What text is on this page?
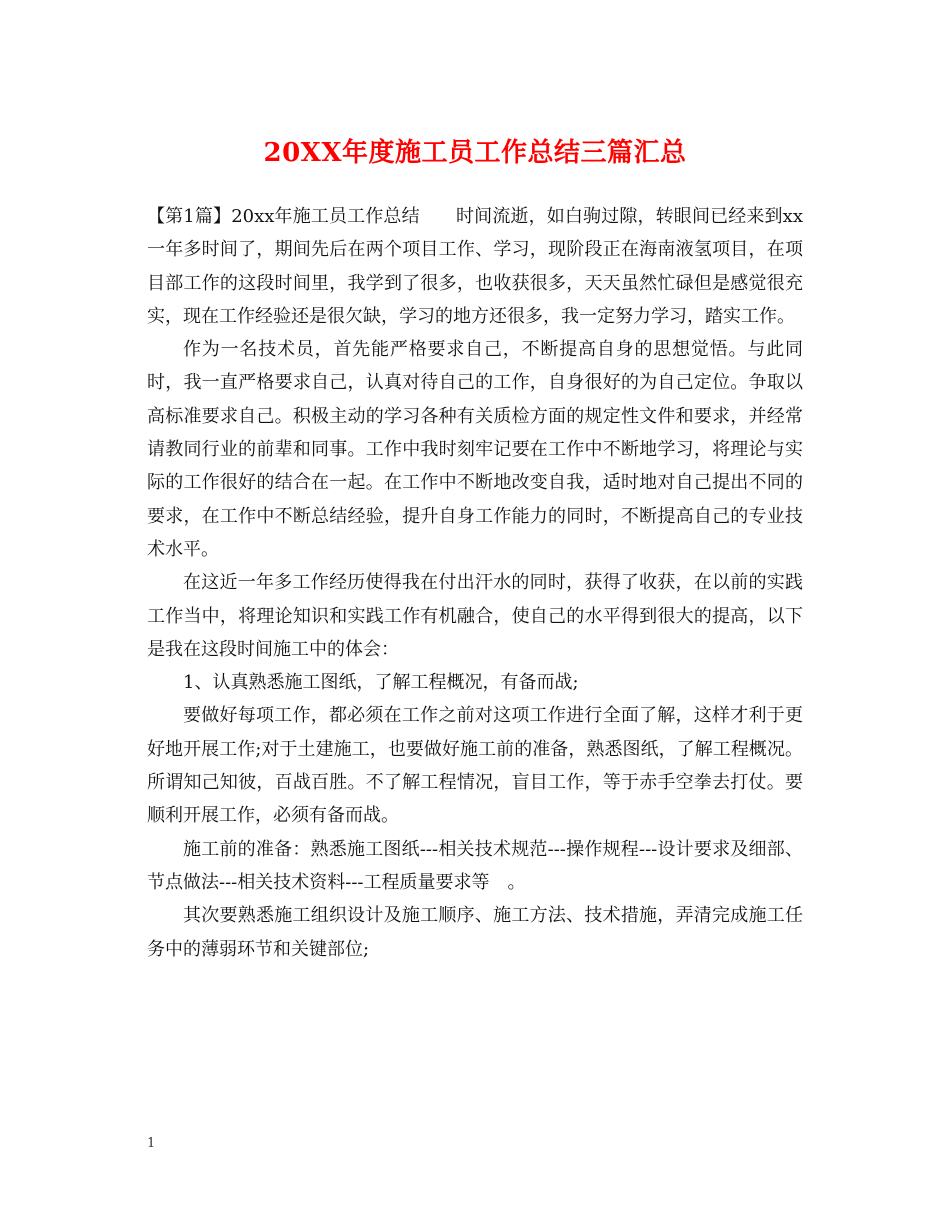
20XX年度施工员工作总结三篇汇总

【第1篇】20xx年施工员工作总结　　时间流逝，如白驹过隙，转眼间已经来到xx一年多时间了，期间先后在两个项目工作、学习，现阶段正在海南液氢项目，在项目部工作的这段时间里，我学到了很多，也收获很多，天天虽然忙碌但是感觉很充实，现在工作经验还是很欠缺，学习的地方还很多，我一定努力学习，踏实工作。

作为一名技术员，首先能严格要求自己，不断提高自身的思想觉悟。与此同时，我一直严格要求自己，认真对待自己的工作，自身很好的为自己定位。争取以高标准要求自己。积极主动的学习各种有关质检方面的规定性文件和要求，并经常请教同行业的前辈和同事。工作中我时刻牢记要在工作中不断地学习，将理论与实际的工作很好的结合在一起。在工作中不断地改变自我，适时地对自己提出不同的要求，在工作中不断总结经验，提升自身工作能力的同时，不断提高自己的专业技术水平。

在这近一年多工作经历使得我在付出汗水的同时，获得了收获，在以前的实践工作当中，将理论知识和实践工作有机融合，使自己的水平得到很大的提高，以下是我在这段时间施工中的体会：

1、认真熟悉施工图纸，了解工程概况，有备而战;

要做好每项工作，都必须在工作之前对这项工作进行全面了解，这样才利于更好地开展工作;对于土建施工，也要做好施工前的准备，熟悉图纸，了解工程概况。所谓知己知彼，百战百胜。不了解工程情况，盲目工作，等于赤手空拳去打仗。要顺利开展工作，必须有备而战。

施工前的准备：熟悉施工图纸---相关技术规范---操作规程---设计要求及细部、节点做法---相关技术资料---工程质量要求等　。

其次要熟悉施工组织设计及施工顺序、施工方法、技术措施，弄清完成施工任务中的薄弱环节和关键部位;

1
